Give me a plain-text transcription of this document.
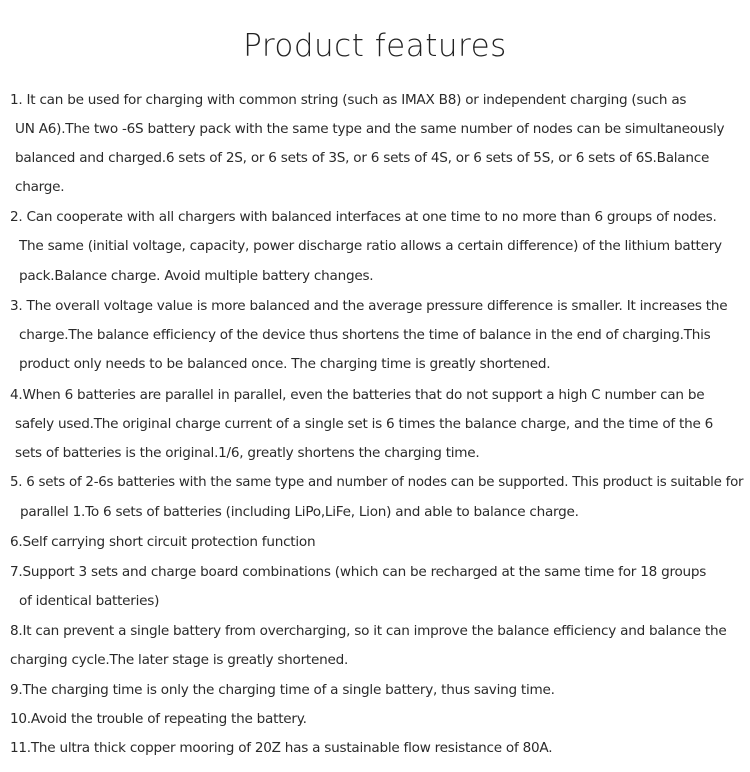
Product features
1. It can be used for charging with common string (such as IMAX B8) or independent charging (such as
UN A6).The two -6S battery pack with the same type and the same number of nodes can be simultaneously
balanced and charged.6 sets of 2S, or 6 sets of 3S, or 6 sets of 4S, or 6 sets of 5S, or 6 sets of 6S.Balance
charge.
2. Can cooperate with all chargers with balanced interfaces at one time to no more than 6 groups of nodes.
The same (initial voltage, capacity, power discharge ratio allows a certain difference) of the lithium battery
pack.Balance charge. Avoid multiple battery changes.
3. The overall voltage value is more balanced and the average pressure difference is smaller. It increases the
charge.The balance efficiency of the device thus shortens the time of balance in the end of charging.This
product only needs to be balanced once. The charging time is greatly shortened.
4.When 6 batteries are parallel in parallel, even the batteries that do not support a high C number can be
safely used.The original charge current of a single set is 6 times the balance charge, and the time of the 6
sets of batteries is the original.1/6, greatly shortens the charging time.
5. 6 sets of 2-6s batteries with the same type and number of nodes can be supported. This product is suitable for
parallel 1.To 6 sets of batteries (including LiPo,LiFe, Lion) and able to balance charge.
6.Self carrying short circuit protection function
7.Support 3 sets and charge board combinations (which can be recharged at the same time for 18 groups
of identical batteries)
8.It can prevent a single battery from overcharging, so it can improve the balance efficiency and balance the
charging cycle.The later stage is greatly shortened.
9.The charging time is only the charging time of a single battery, thus saving time.
10.Avoid the trouble of repeating the battery.
11.The ultra thick copper mooring of 20Z has a sustainable flow resistance of 80A.
